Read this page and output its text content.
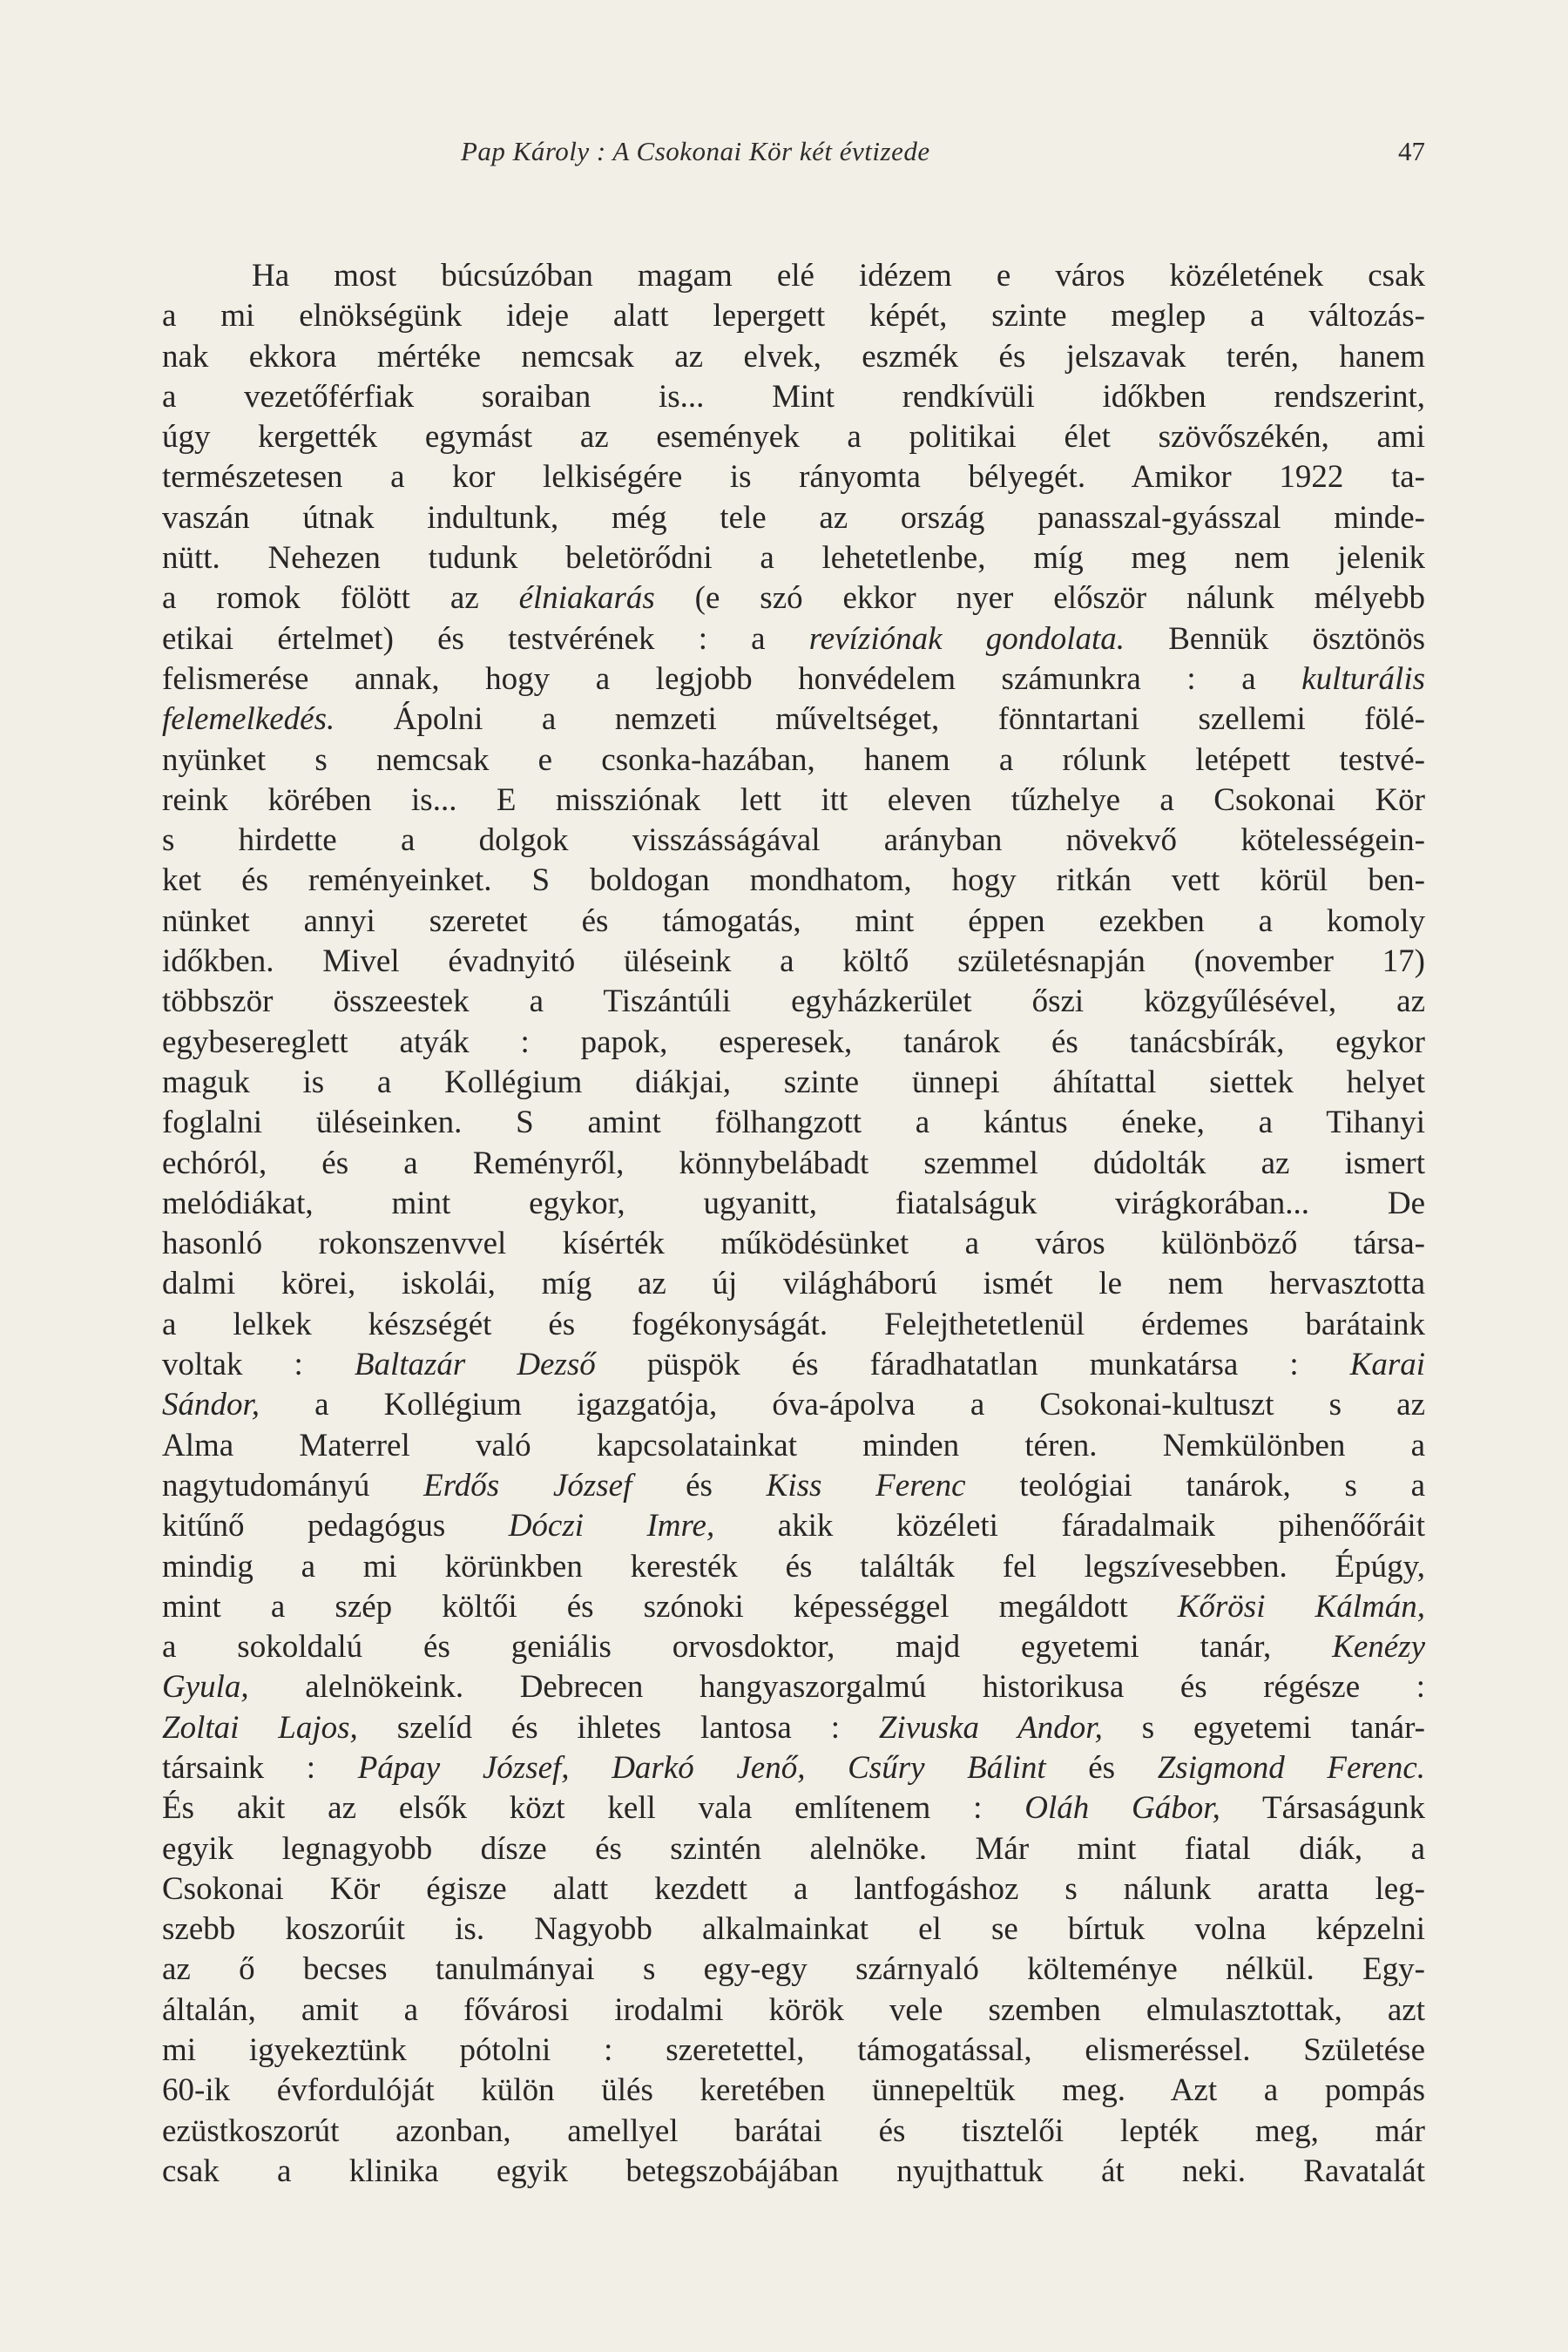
Pap Károly : A Csokonai Kör két évtizede	47
Ha most búcsúzóban magam elé idézem e város közéletének csak
a mi elnökségünk ideje alatt lepergett képét, szinte meglep a változás-
nak ekkora mértéke nemcsak az elvek, eszmék és jelszavak terén, hanem
a vezetőférfiak soraiban is... Mint rendkívüli időkben rendszerint,
úgy kergették egymást az események a politikai élet szövőszékén, ami
természetesen a kor lelkiségére is rányomta bélyegét. Amikor 1922 ta-
vaszán útnak indultunk, még tele az ország panasszal-gyásszal minde-
nütt. Nehezen tudunk beletörődni a lehetetlenbe, míg meg nem jelenik
a romok fölött az élniakarás (e szó ekkor nyer először nálunk mélyebb
etikai értelmet) és testvérének : a revíziónak gondolata. Bennük ösztönös
felismerése annak, hogy a legjobb honvédelem számunkra : a kulturális
felemelkedés. Ápolni a nemzeti műveltséget, fönntartani szellemi fölé-
nyünket s nemcsak e csonka-hazában, hanem a rólunk letépett testvé-
reink körében is... E missziónak lett itt eleven tűzhelye a Csokonai Kör
s hirdette a dolgok visszásságával arányban növekvő kötelességein-
ket és reményeinket. S boldogan mondhatom, hogy ritkán vett körül ben-
nünket annyi szeretet és támogatás, mint éppen ezekben a komoly
időkben. Mivel évadnyitó üléseink a költő születésnapján (november 17)
többször összeestek a Tiszántúli egyházkerület őszi közgyűlésével, az
egybesereglett atyák : papok, esperesek, tanárok és tanácsbírák, egykor
maguk is a Kollégium diákjai, szinte ünnepi áhítattal siettek helyet
foglalni üléseinken. S amint fölhangzott a kántus éneke, a Tihanyi
echóról, és a Reményről, könnybelábadt szemmel dúdolták az ismert
melódiákat, mint egykor, ugyanitt, fiatalságuk virágkorában... De
hasonló rokonszenvvel kísérték működésünket a város különböző társa-
dalmi körei, iskolái, míg az új világháború ismét le nem hervasztotta
a lelkek készségét és fogékonyságát. Felejthetetlenül érdemes barátaink
voltak : Baltazár Dezső püspök és fáradhatatlan munkatársa : Karai
Sándor, a Kollégium igazgatója, óva-ápolva a Csokonai-kultuszt s az
Alma Materrel való kapcsolatainkat minden téren. Nemkülönben a
nagytudományú Erdős József és Kiss Ferenc teológiai tanárok, s a
kitűnő pedagógus Dóczi Imre, akik közéleti fáradalmaik pihenőőráit
mindig a mi körünkben keresték és találták fel legszívesebben. Épúgy,
mint a szép költői és szónoki képességgel megáldott Kőrösi Kálmán,
a sokoldalú és geniális orvosdoktor, majd egyetemi tanár, Kenézy
Gyula, alelnökeink. Debrecen hangyaszorgalmú historikusa és régésze :
Zoltai Lajos, szelíd és ihletes lantosa : Zivuska Andor, s egyetemi tanár-
társaink : Pápay József, Darkó Jenő, Csűry Bálint és Zsigmond Ferenc.
És akit az elsők közt kell vala említenem : Oláh Gábor, Társaságunk
egyik legnagyobb dísze és szintén alelnöke. Már mint fiatal diák, a
Csokonai Kör égisze alatt kezdett a lantfogáshoz s nálunk aratta leg-
szebb koszorúit is. Nagyobb alkalmainkat el se bírtuk volna képzelni
az ő becses tanulmányai s egy-egy szárnyaló költeménye nélkül. Egy-
általán, amit a fővárosi irodalmi körök vele szemben elmulasztottak, azt
mi igyekeztünk pótolni : szeretettel, támogatással, elismeréssel. Születése
60-ik évfordulóját külön ülés keretében ünnepeltük meg. Azt a pompás
ezüstkoszorút azonban, amellyel barátai és tisztelői lepték meg, már
csak a klinika egyik betegszobájában nyujthattuk át neki. Ravatalát
